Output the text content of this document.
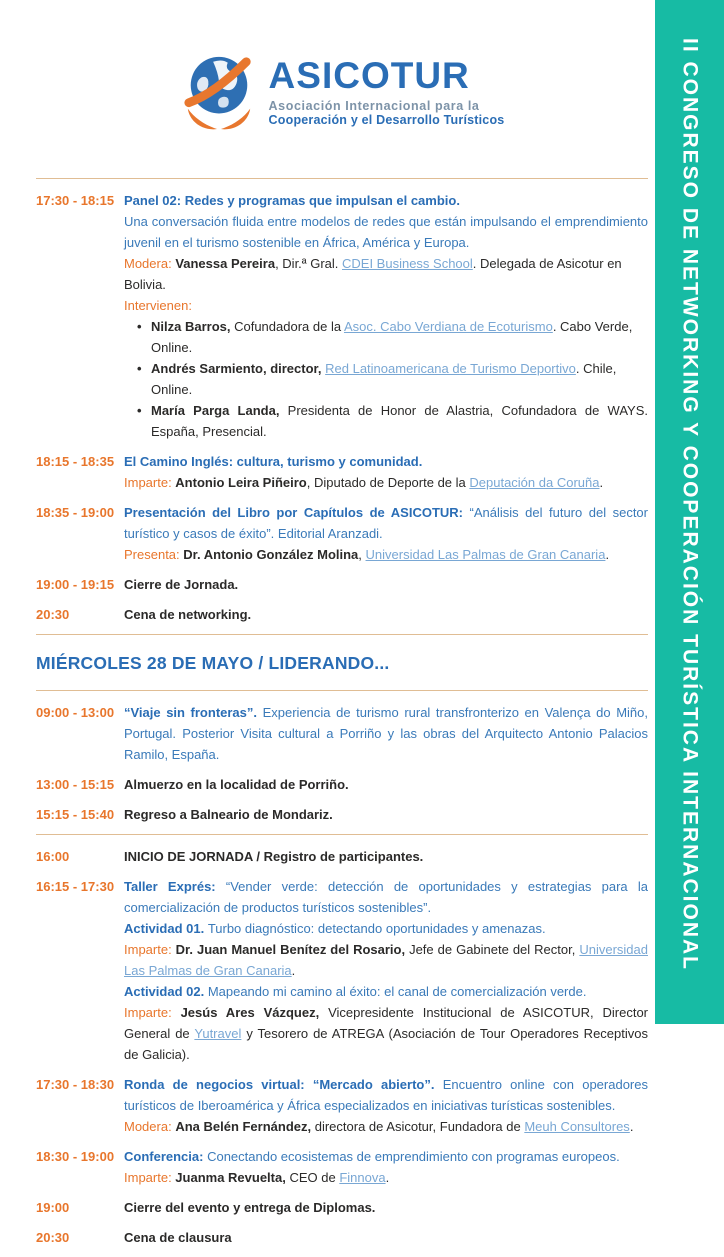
ASICOTUR
Asociación Internacional para la
Cooperación y el Desarrollo Turísticos
17:30 - 18:15 Panel 02: Redes y programas que impulsan el cambio.
Una conversación fluida entre modelos de redes que están impulsando el emprendimiento juvenil en el turismo sostenible en África, América y Europa.
Modera: Vanessa Pereira, Dir.ª Gral. CDEI Business School. Delegada de Asicotur en Bolivia.
Intervienen:
• Nilza Barros, Cofundadora de la Asoc. Cabo Verdiana de Ecoturismo. Cabo Verde, Online.
• Andrés Sarmiento, director, Red Latinoamericana de Turismo Deportivo. Chile, Online.
• María Parga Landa, Presidenta de Honor de Alastria, Cofundadora de WAYS. España, Presencial.
18:15 - 18:35 El Camino Inglés: cultura, turismo y comunidad.
Imparte: Antonio Leira Piñeiro, Diputado de Deporte de la Deputación da Coruña.
18:35 - 19:00 Presentación del Libro por Capítulos de ASICOTUR: “Análisis del futuro del sector turístico y casos de éxito”. Editorial Aranzadi.
Presenta: Dr. Antonio González Molina, Universidad Las Palmas de Gran Canaria.
19:00 - 19:15 Cierre de Jornada.
20:30	Cena de networking.
MIÉRCOLES 28 DE MAYO / LIDERANDO...
09:00 - 13:00 “Viaje sin fronteras”. Experiencia de turismo rural transfronterizo en Valença do Miño, Portugal. Posterior Visita cultural a Porriño y las obras del Arquitecto Antonio Palacios Ramilo, España.
13:00 - 15:15 Almuerzo en la localidad de Porriño.
15:15 - 15:40 Regreso a Balneario de Mondariz.
16:00	INICIO DE JORNADA / Registro de participantes.
16:15 - 17:30 Taller Exprés: “Vender verde: detección de oportunidades y estrategias para la comercialización de productos turísticos sostenibles”.
Actividad 01. Turbo diagnóstico: detectando oportunidades y amenazas.
Imparte: Dr. Juan Manuel Benítez del Rosario, Jefe de Gabinete del Rector, Universidad Las Palmas de Gran Canaria.
Actividad 02. Mapeando mi camino al éxito: el canal de comercialización verde.
Imparte: Jesús Ares Vázquez, Vicepresidente Institucional de ASICOTUR, Director General de Yutravel y Tesorero de ATREGA (Asociación de Tour Operadores Receptivos de Galicia).
17:30 - 18:30 Ronda de negocios virtual: “Mercado abierto”. Encuentro online con operadores turísticos de Iberoamérica y África especializados en iniciativas turísticas sostenibles.
Modera: Ana Belén Fernández, directora de Asicotur, Fundadora de Meuh Consultores.
18:30 - 19:00 Conferencia: Conectando ecosistemas de emprendimiento con programas europeos.
Imparte: Juanma Revuelta, CEO de Finnova.
19:00	Cierre del evento y entrega de Diplomas.
20:30	Cena de clausura
II CONGRESO DE NETWORKING Y COOPERACIÓN TURÍSTICA INTERNACIONAL
